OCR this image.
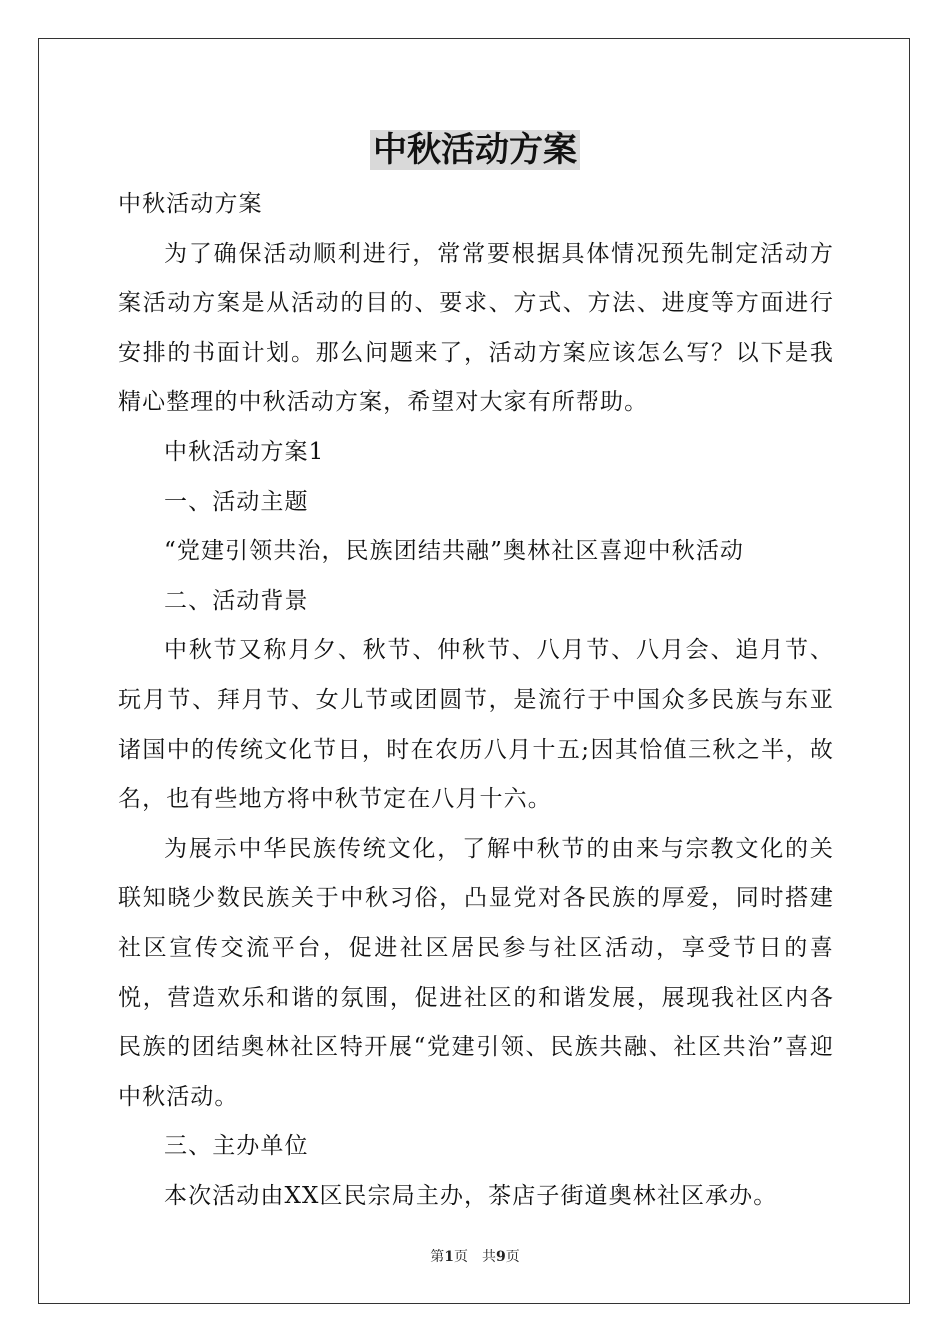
中秋活动方案

中秋活动方案

为了确保活动顺利进行，常常要根据具体情况预先制定活动方案活动方案是从活动的目的、要求、方式、方法、进度等方面进行安排的书面计划。那么问题来了，活动方案应该怎么写？以下是我精心整理的中秋活动方案，希望对大家有所帮助。

中秋活动方案1

一、活动主题

“党建引领共治，民族团结共融”奥林社区喜迎中秋活动

二、活动背景

中秋节又称月夕、秋节、仲秋节、八月节、八月会、追月节、玩月节、拜月节、女儿节或团圆节，是流行于中国众多民族与东亚诸国中的传统文化节日，时在农历八月十五;因其恰值三秋之半，故名，也有些地方将中秋节定在八月十六。

为展示中华民族传统文化，了解中秋节的由来与宗教文化的关联知晓少数民族关于中秋习俗，凸显党对各民族的厚爱，同时搭建社区宣传交流平台，促进社区居民参与社区活动，享受节日的喜悦，营造欢乐和谐的氛围，促进社区的和谐发展，展现我社区内各民族的团结奥林社区特开展“党建引领、民族共融、社区共治”喜迎中秋活动。

三、主办单位

本次活动由XX区民宗局主办，茶店子街道奥林社区承办。

第1页 共9页
